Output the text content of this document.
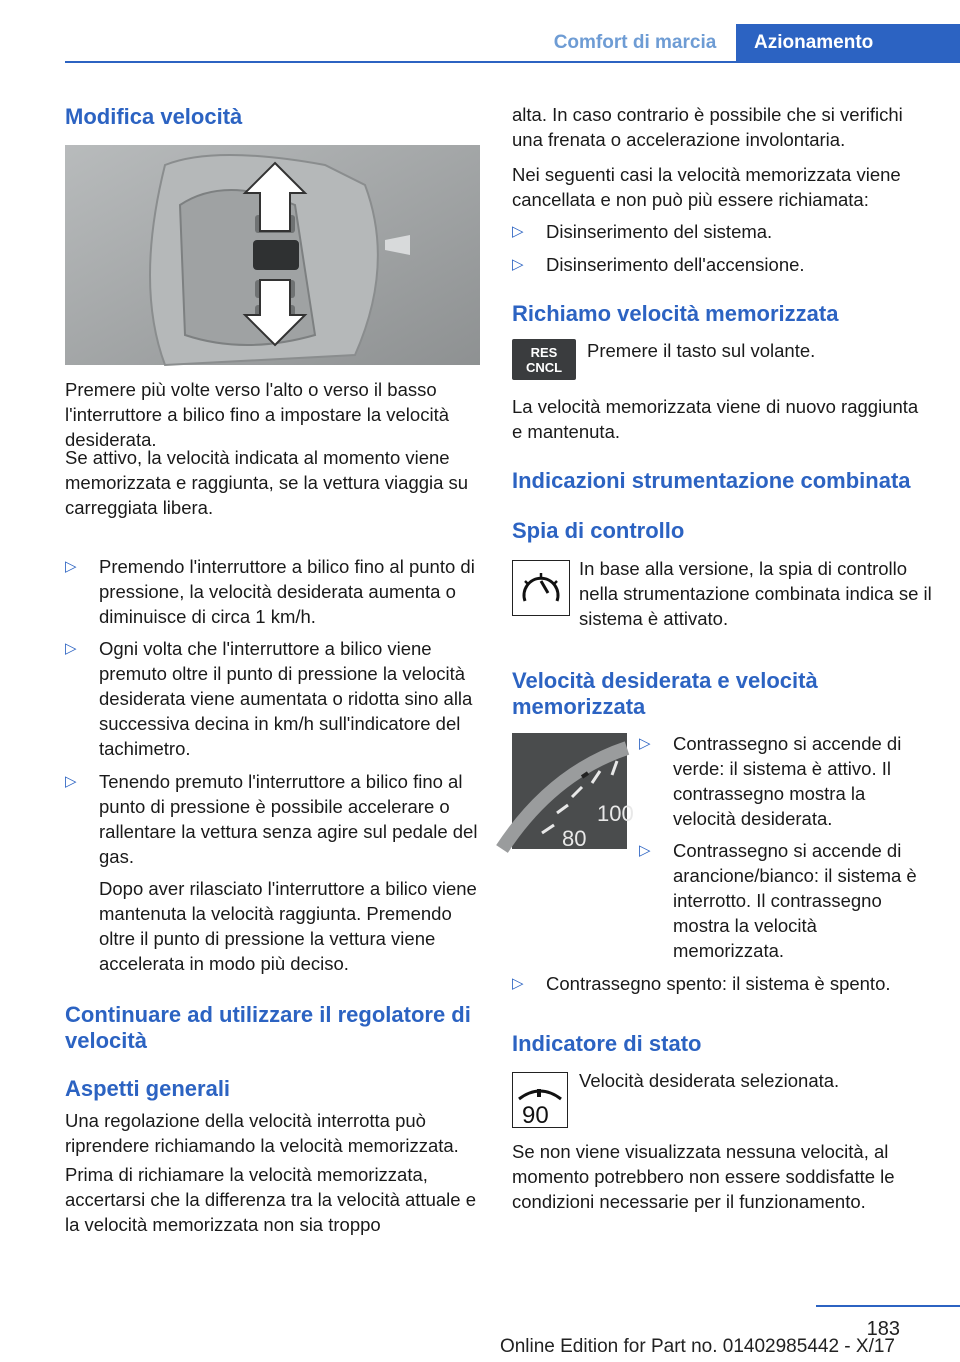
Comfort di marcia	Azionamento
Modifica velocità

Premere più volte verso l'alto o verso il basso l'interruttore a bilico fino a impostare la velocità desiderata.

Se attivo, la velocità indicata al momento viene memorizzata e raggiunta, se la vettura viaggia su carreggiata libera.

▷ Premendo l'interruttore a bilico fino al punto di pressione, la velocità desiderata aumenta o diminuisce di circa 1 km/h.
▷ Ogni volta che l'interruttore a bilico viene premuto oltre il punto di pressione la velocità desiderata viene aumentata o ridotta sino alla successiva decina in km/h sull'indicatore del tachimetro.
▷ Tenendo premuto l'interruttore a bilico fino al punto di pressione è possibile accelerare o rallentare la vettura senza agire sul pedale del gas.

Dopo aver rilasciato l'interruttore a bilico viene mantenuta la velocità raggiunta. Premendo oltre il punto di pressione la vettura viene accelerata in modo più deciso.

Continuare ad utilizzare il regolatore di velocità
Aspetti generali

Una regolazione della velocità interrotta può riprendere richiamando la velocità memorizzata.

Prima di richiamare la velocità memorizzata, accertarsi che la differenza tra la velocità attuale e la velocità memorizzata non sia troppo

alta. In caso contrario è possibile che si verifichi una frenata o accelerazione involontaria.

Nei seguenti casi la velocità memorizzata viene cancellata e non può più essere richiamata:

▷ Disinserimento del sistema.
▷ Disinserimento dell'accensione.
Richiamo velocità memorizzata
RES
CNCL

Premere il tasto sul volante.

La velocità memorizzata viene di nuovo raggiunta e mantenuta.

Indicazioni strumentazione combinata
Spia di controllo

In base alla versione, la spia di controllo nella strumentazione combinata indica se il sistema è attivato.

Velocità desiderata e velocità memorizzata
100
80
▷ Contrassegno si accende di verde: il sistema è attivo. Il contrassegno mostra la velocità desiderata.
▷ Contrassegno si accende di arancione/bianco: il sistema è interrotto. Il contrassegno mostra la velocità memorizzata.
▷ Contrassegno spento: il sistema è spento.
Indicatore di stato
90

Velocità desiderata selezionata.

Se non viene visualizzata nessuna velocità, al momento potrebbero non essere soddisfatte le condizioni necessarie per il funzionamento.

183
Online Edition for Part no. 01402985442 - X/17
